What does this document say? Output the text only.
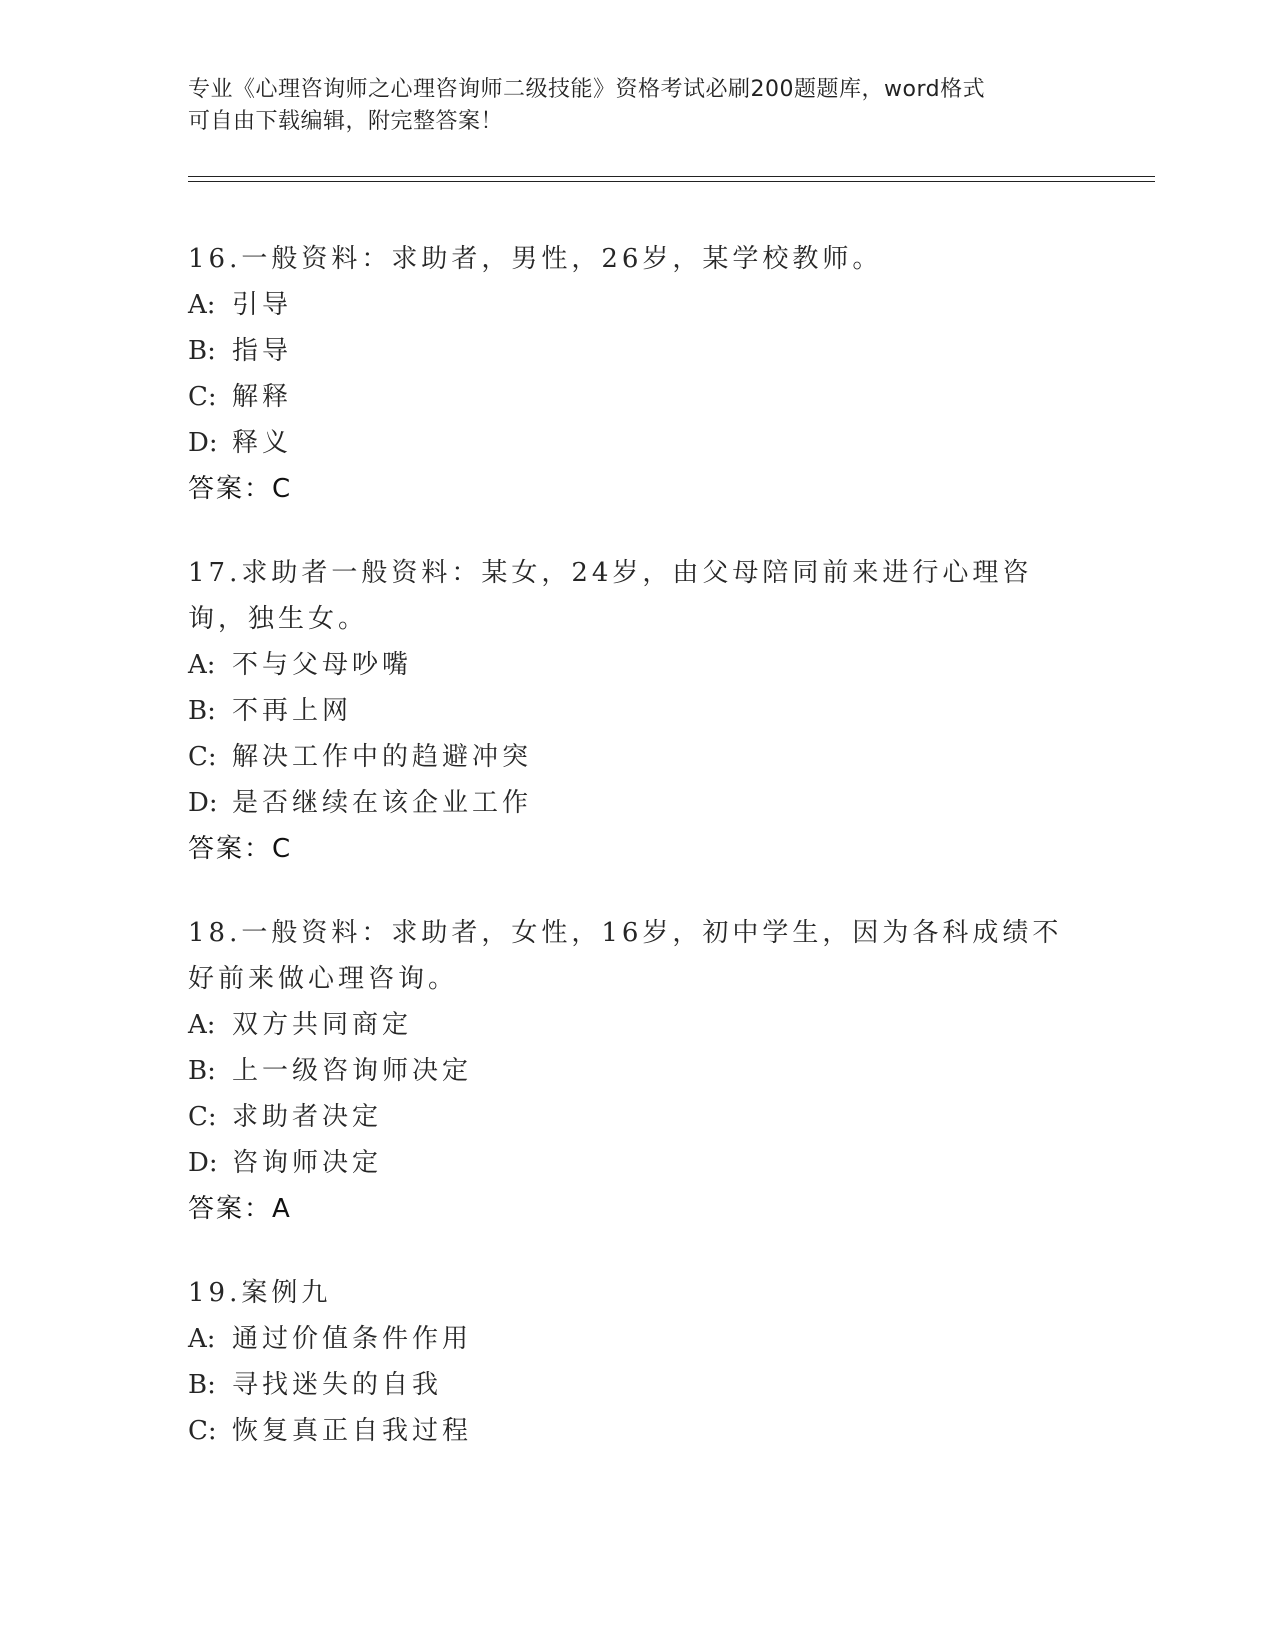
专业《心理咨询师之心理咨询师二级技能》资格考试必刷200题题库，word格式
可自由下载编辑，附完整答案！

16.一般资料：求助者，男性，26岁，某学校教师。

A: 引导

B: 指导

C: 解释

D: 释义

答案：C

17.求助者一般资料：某女，24岁，由父母陪同前来进行心理咨询，独生女。

A: 不与父母吵嘴

B: 不再上网

C: 解决工作中的趋避冲突

D: 是否继续在该企业工作

答案：C

18.一般资料：求助者，女性，16岁，初中学生，因为各科成绩不好前来做心理咨询。

A: 双方共同商定

B: 上一级咨询师决定

C: 求助者决定

D: 咨询师决定

答案：A

19.案例九

A: 通过价值条件作用

B: 寻找迷失的自我

C: 恢复真正自我过程
